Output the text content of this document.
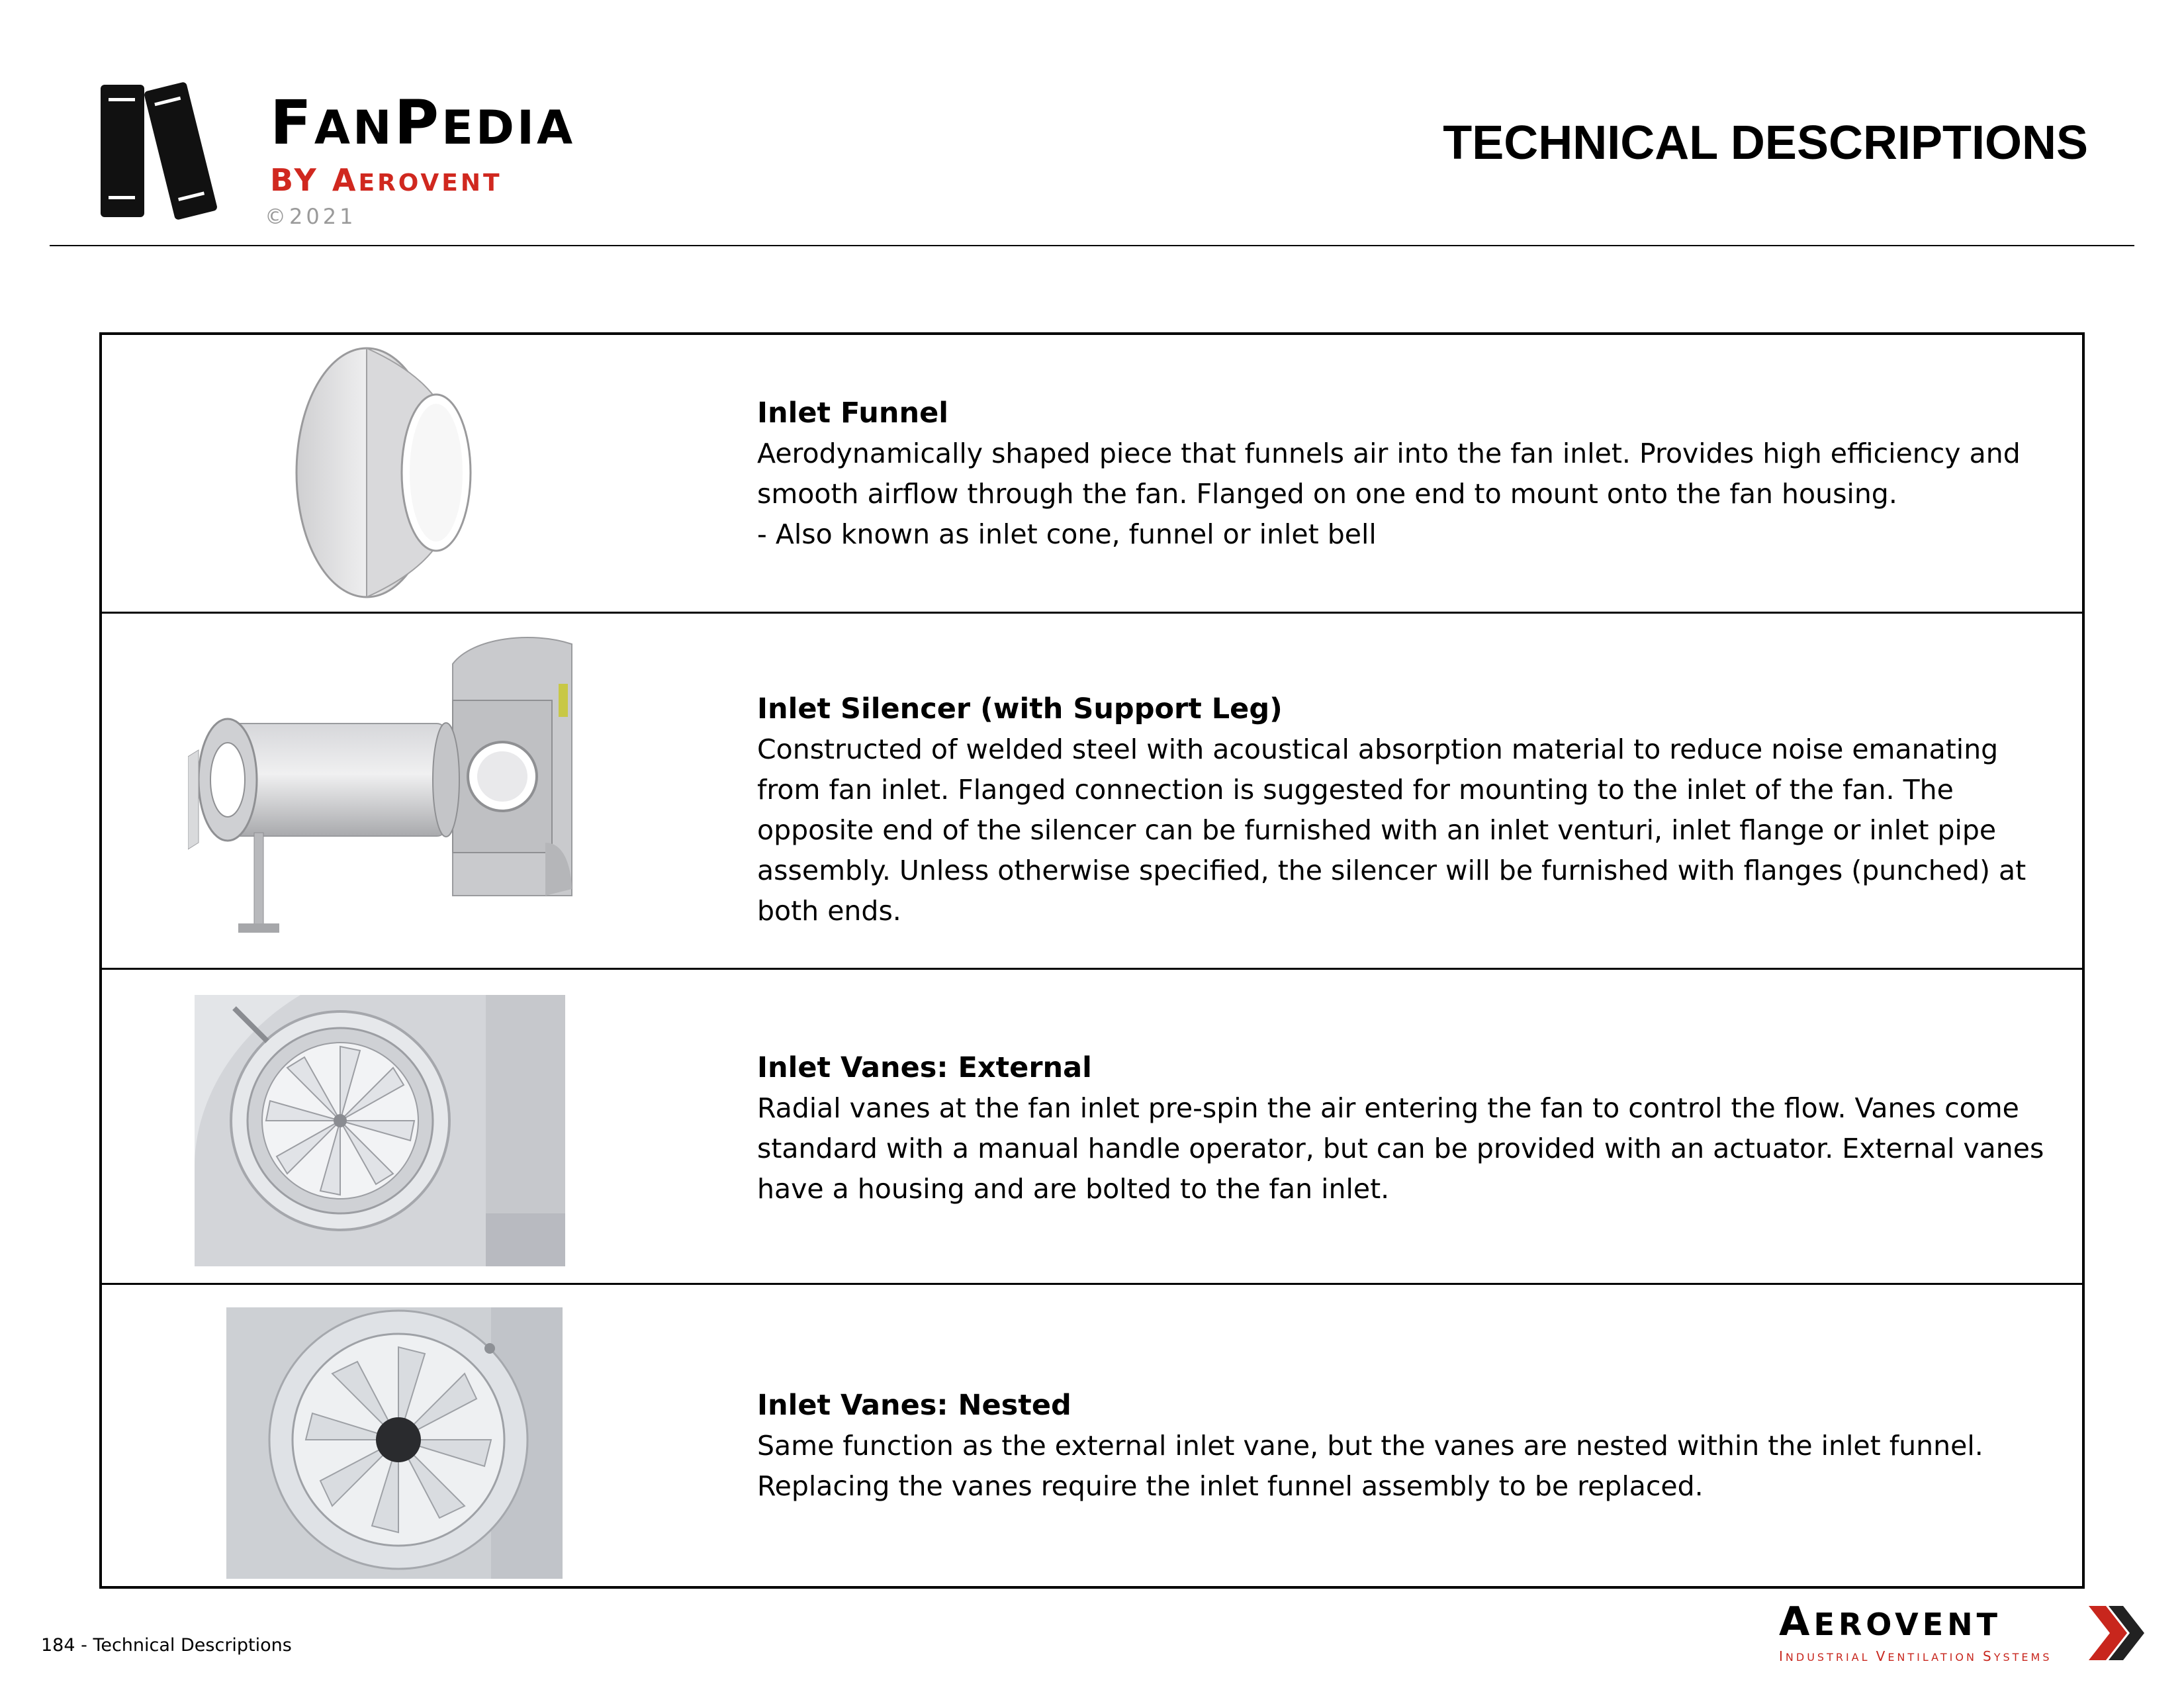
FANPEDIA
BY AEROVENT
©2021
TECHNICAL DESCRIPTIONS
Inlet Funnel
Aerodynamically shaped piece that funnels air into the fan inlet. Provides high efficiency and smooth airflow through the fan. Flanged on one end to mount onto the fan housing.
- Also known as inlet cone, funnel or inlet bell
Inlet Silencer (with Support Leg)
Constructed of welded steel with acoustical absorption material to reduce noise emanating from fan inlet. Flanged connection is suggested for mounting to the inlet of the fan. The opposite end of the silencer can be furnished with an inlet venturi, inlet flange or inlet pipe assembly. Unless otherwise specified, the silencer will be furnished with flanges (punched) at both ends.
Inlet Vanes: External
Radial vanes at the fan inlet pre-spin the air entering the fan to control the flow. Vanes come standard with a manual handle operator, but can be provided with an actuator. External vanes have a housing and are bolted to the fan inlet.
Inlet Vanes: Nested
Same function as the external inlet vane, but the vanes are nested within the inlet funnel. Replacing the vanes require the inlet funnel assembly to be replaced.
184 - Technical Descriptions
AEROVENT
INDUSTRIAL VENTILATION SYSTEMS
